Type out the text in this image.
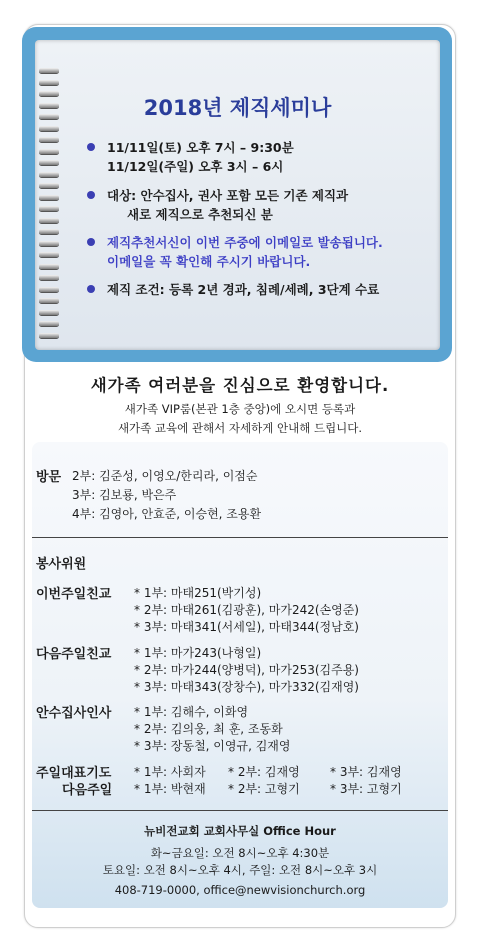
2018년 제직세미나
11/11일(토) 오후 7시 – 9:30분
11/12일(주일) 오후 3시 – 6시
대상: 안수집사, 권사 포함 모든 기존 제직과
새로 제직으로 추천되신 분
제직추천서신이 이번 주중에 이메일로 발송됩니다.
이메일을 꼭 확인해 주시기 바랍니다.
제직 조건: 등록 2년 경과, 침례/세례, 3단계 수료
새가족 여러분을 진심으로 환영합니다.
새가족 VIP룸(본관 1층 중앙)에 오시면 등록과
새가족 교육에 관해서 자세하게 안내해 드립니다.
방문 2부: 김준성, 이영오/한리라, 이점순
3부: 김보룡, 박은주
4부: 김영아, 안효준, 이승현, 조용환
봉사위원
이번주일친교 * 1부: 마태251(박기성)
* 2부: 마태261(김광훈), 마가242(손영준)
* 3부: 마태341(서세일), 마태344(정남호)
다음주일친교 * 1부: 마가243(나형일)
* 2부: 마가244(양병덕), 마가253(김주용)
* 3부: 마태343(장창수), 마가332(김재영)
안수집사인사 * 1부: 김해수, 이화영
* 2부: 김의웅, 최 훈, 조동화
* 3부: 장동철, 이영규, 김재영
주일대표기도
다음주일
* 1부: 사회자 * 2부: 김재영	* 3부: 김재영
* 1부: 박현재 * 2부: 고형기	* 3부: 고형기
뉴비전교회 교회사무실 Office Hour
화~금요일: 오전 8시~오후 4:30분
토요일: 오전 8시~오후 4시, 주일: 오전 8시~오후 3시
408-719-0000, office@newvisionchurch.org
